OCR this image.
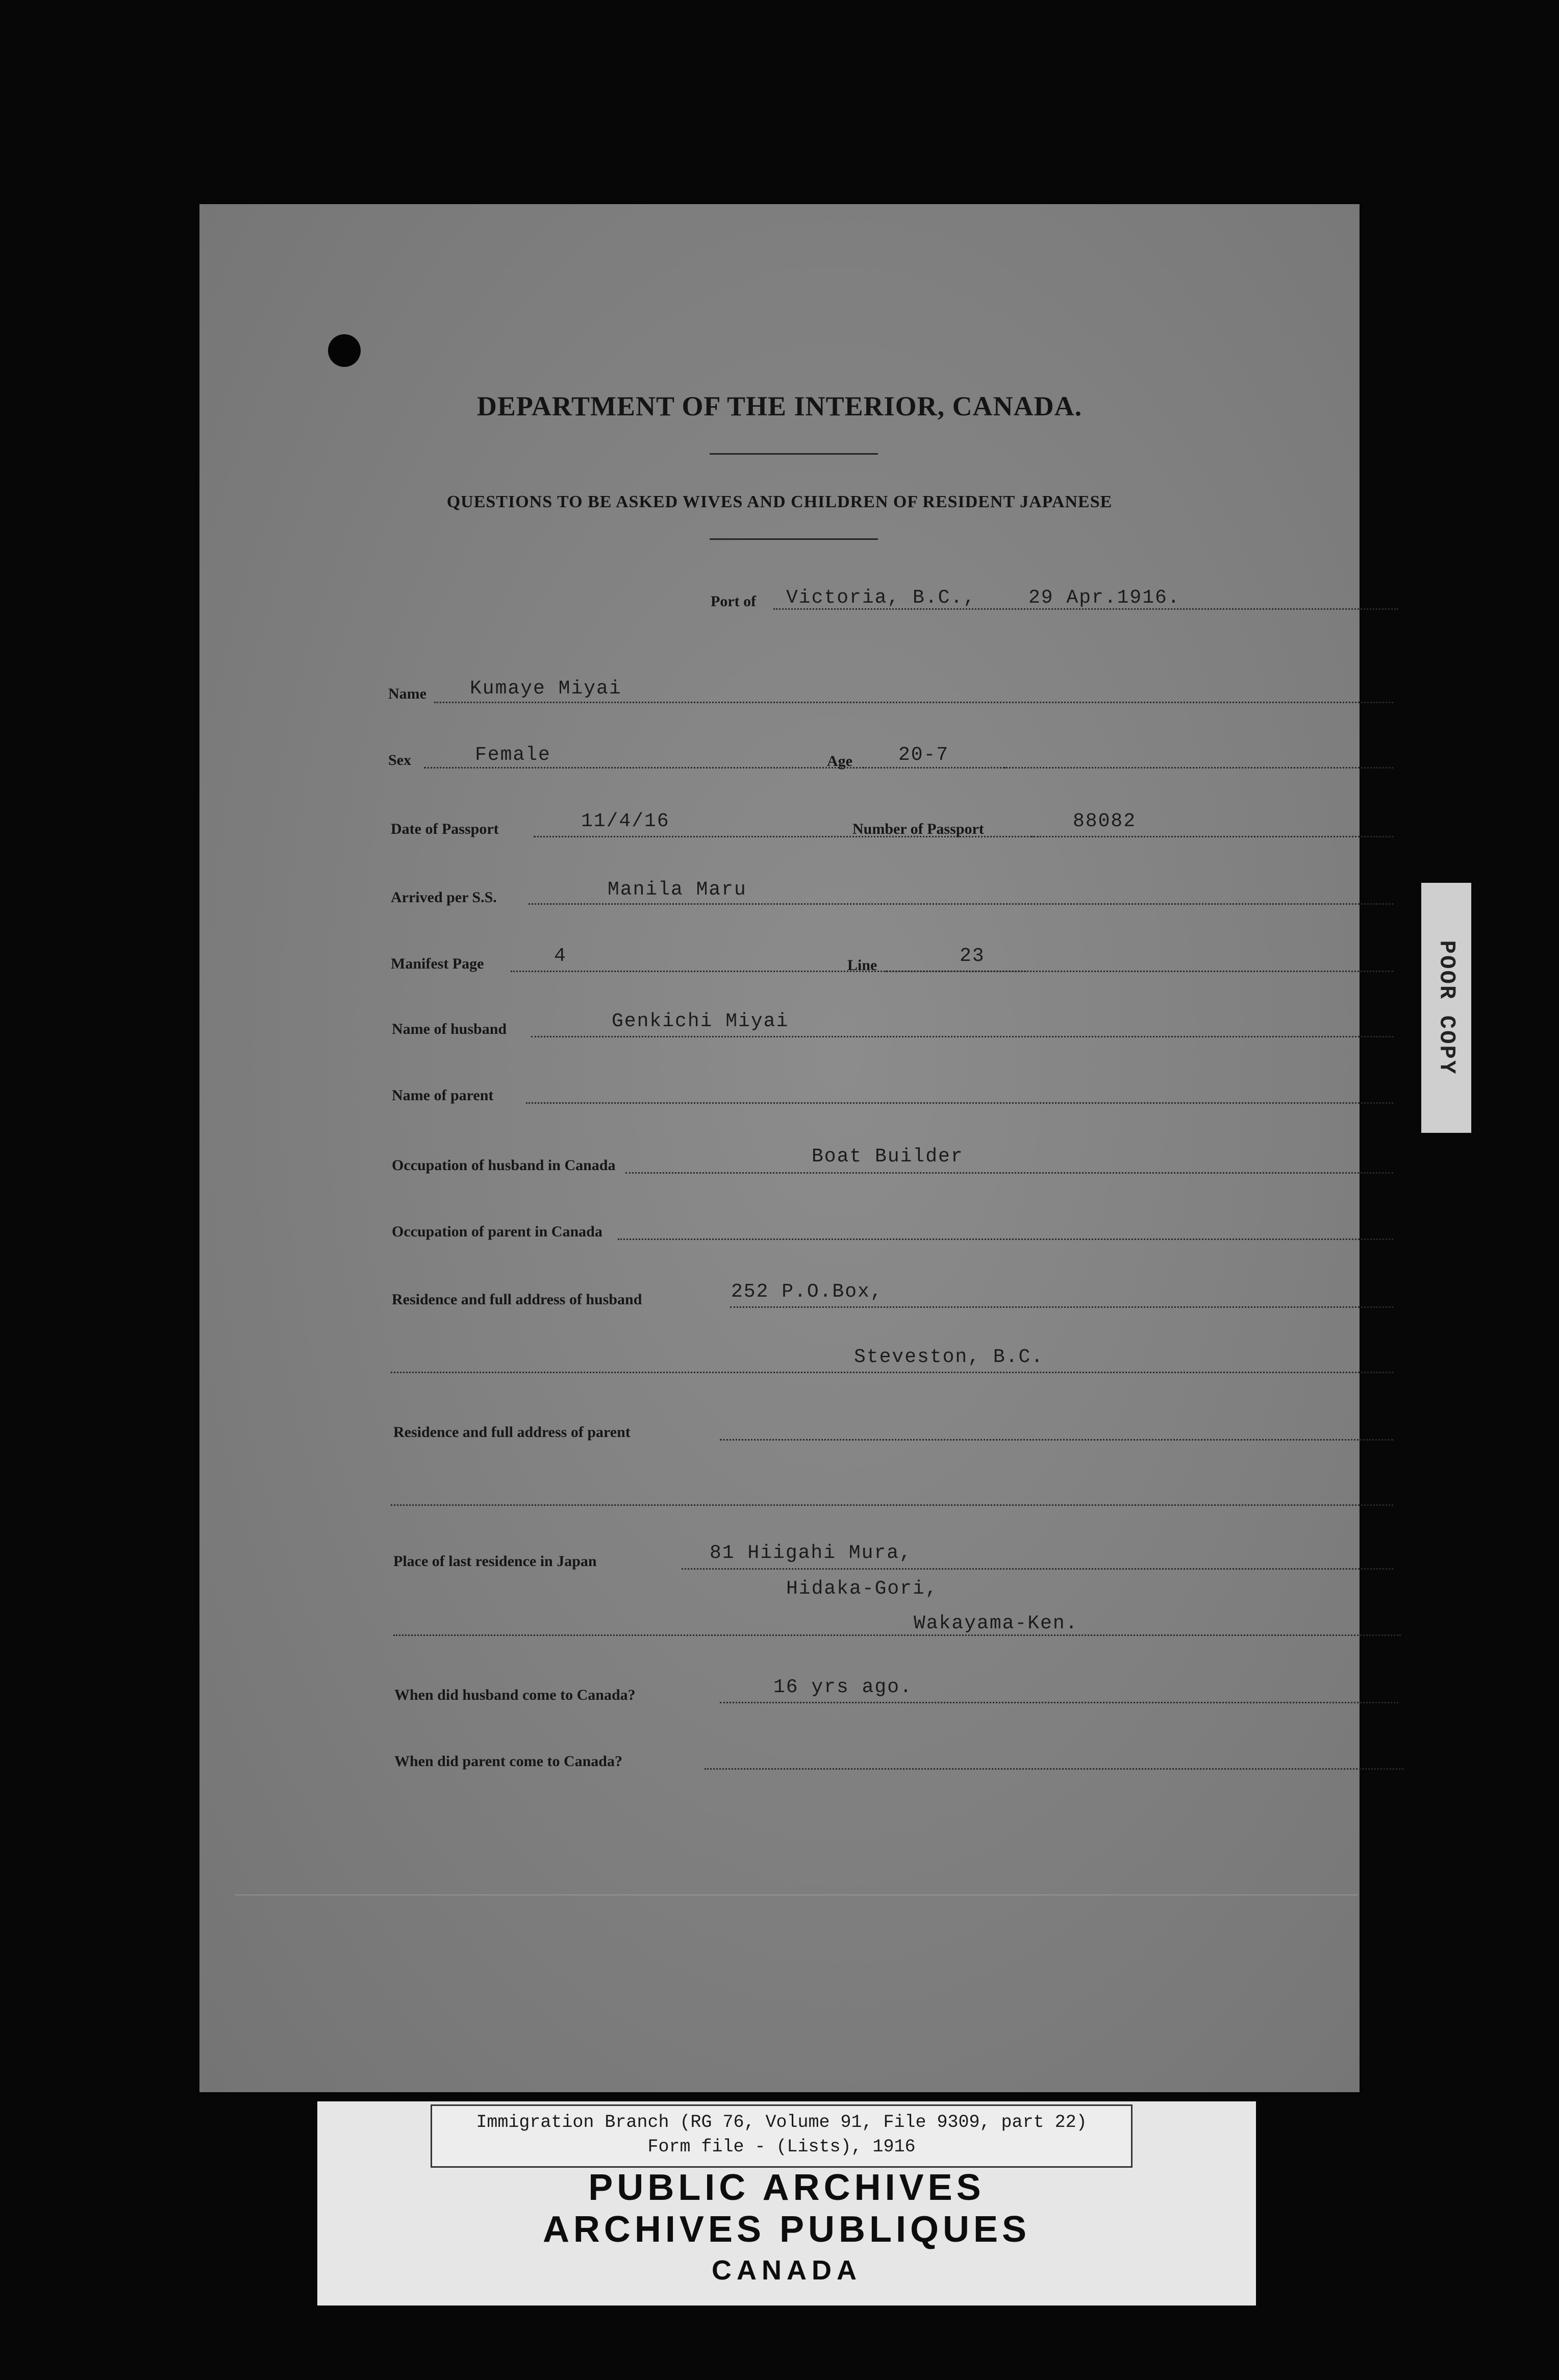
DEPARTMENT OF THE INTERIOR, CANADA.
QUESTIONS TO BE ASKED WIVES AND CHILDREN OF RESIDENT JAPANESE
Port of Victoria, B.C.,	29 Apr.1916.
Name Kumaye Miyai
Sex	Female	Age 20-7
Date of Passport	11/4/16	Number of Passport	88082
Arrived per S.S.	Manila Maru
Manifest Page	4	Line	23
Name of husband	Genkichi Miyai
Name of parent
Occupation of husband in Canada	Boat Builder
Occupation of parent in Canada
Residence and full address of husband	252 P.O.Box,
Steveston, B.C.
Residence and full address of parent
Place of last residence in Japan	81 Hiigahi Mura,
Hidaka-Gori,
Wakayama-Ken.
When did husband come to Canada?	16 yrs ago.
When did parent come to Canada?
POOR COPY
Immigration Branch (RG 76, Volume 91, File 9309, part 22)
Form file - (Lists), 1916
PUBLIC ARCHIVES
ARCHIVES PUBLIQUES
CANADA
